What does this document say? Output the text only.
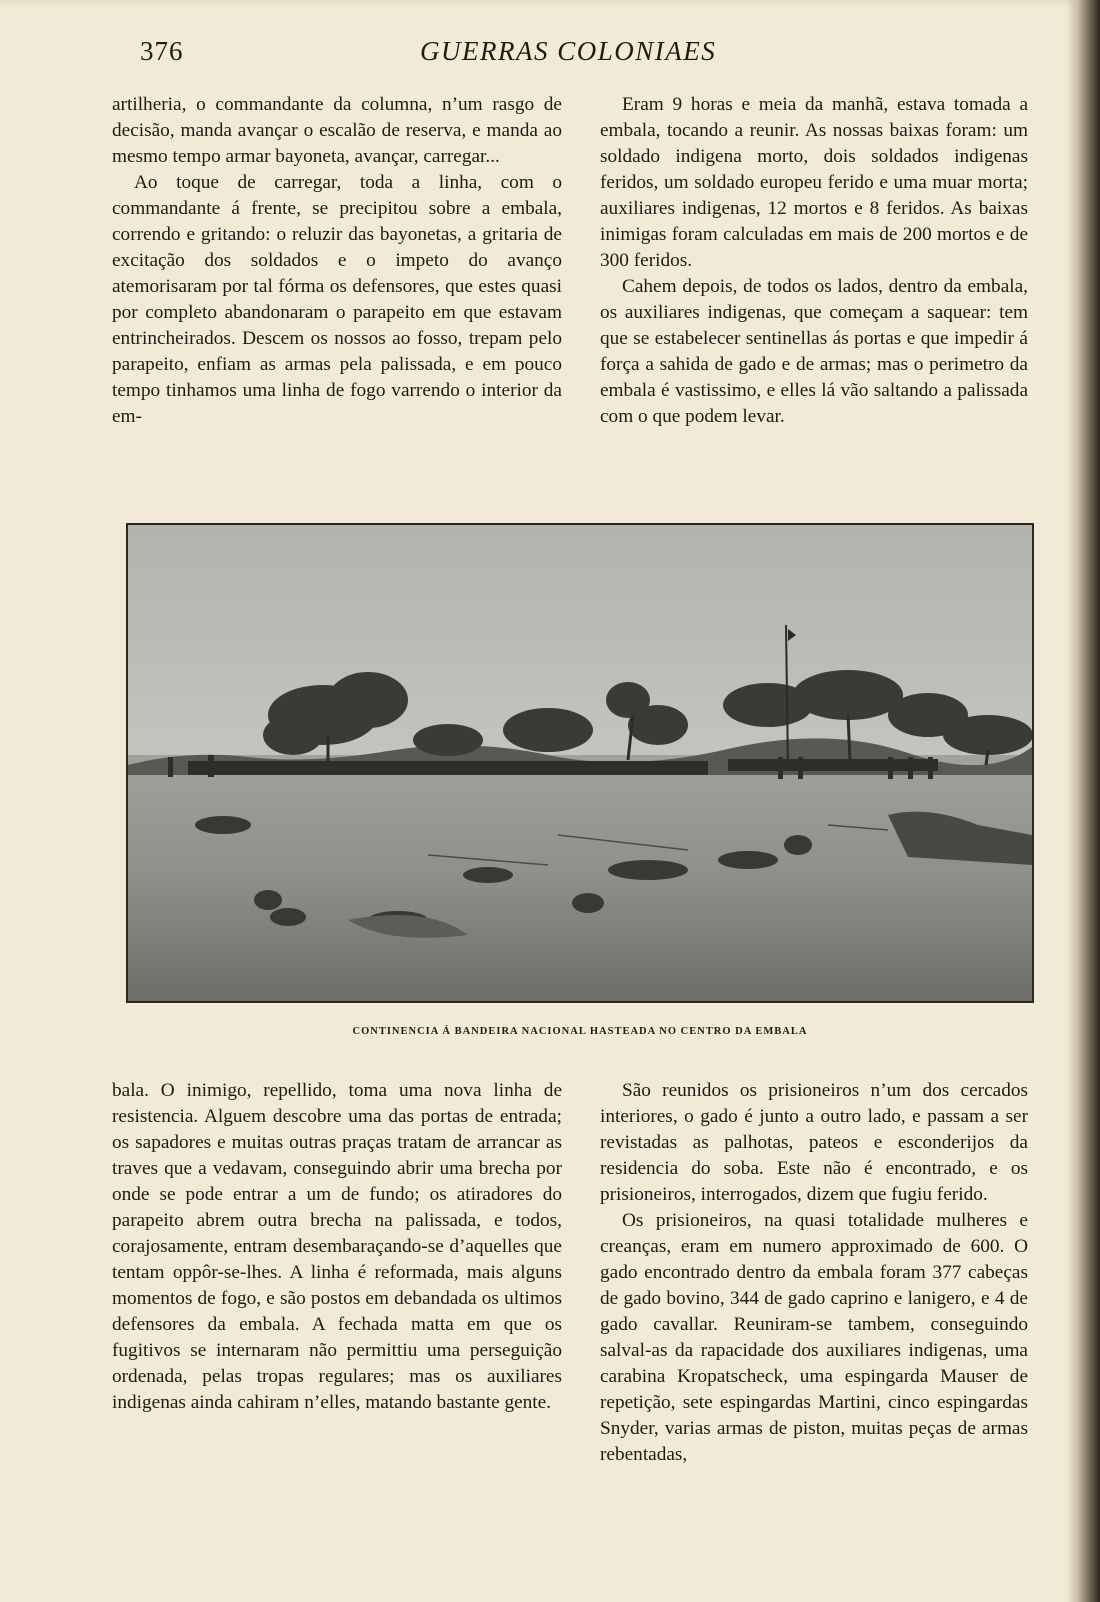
376	GUERRAS COLONIAES

artilheria, o commandante da columna, n’um rasgo de decisão, manda avançar o escalão de reserva, e manda ao mesmo tempo armar bayoneta, avançar, carregar...

Ao toque de carregar, toda a linha, com o commandante á frente, se precipitou sobre a embala, correndo e gritando: o reluzir das bayonetas, a gritaria de excitação dos soldados e o impeto do avanço atemorisaram por tal fórma os defensores, que estes quasi por completo abandonaram o parapeito em que estavam entrincheirados. Descem os nossos ao fosso, trepam pelo parapeito, enfiam as armas pela palissada, e em pouco tempo tinhamos uma linha de fogo varrendo o interior da em-

Eram 9 horas e meia da manhã, estava tomada a embala, tocando a reunir. As nossas baixas foram: um soldado indigena morto, dois soldados indigenas feridos, um soldado europeu ferido e uma muar morta; auxiliares indigenas, 12 mortos e 8 feridos. As baixas inimigas foram calculadas em mais de 200 mortos e de 300 feridos.

Cahem depois, de todos os lados, dentro da embala, os auxiliares indigenas, que começam a saquear: tem que se estabelecer sentinellas ás portas e que impedir á força a sahida de gado e de armas; mas o perimetro da embala é vastissimo, e elles lá vão saltando a palissada com o que podem levar.

CONTINENCIA Á BANDEIRA NACIONAL HASTEADA NO CENTRO DA EMBALA

bala. O inimigo, repellido, toma uma nova linha de resistencia. Alguem descobre uma das portas de entrada; os sapadores e muitas outras praças tratam de arrancar as traves que a vedavam, conseguindo abrir uma brecha por onde se pode entrar a um de fundo; os atiradores do parapeito abrem outra brecha na palissada, e todos, corajosamente, entram desembaraçando-se d’aquelles que tentam oppôr-se-lhes. A linha é reformada, mais alguns momentos de fogo, e são postos em debandada os ultimos defensores da embala. A fechada matta em que os fugitivos se internaram não permittiu uma perseguição ordenada, pelas tropas regulares; mas os auxiliares indigenas ainda cahiram n’elles, matando bastante gente.

São reunidos os prisioneiros n’um dos cercados interiores, o gado é junto a outro lado, e passam a ser revistadas as palhotas, pateos e esconderijos da residencia do soba. Este não é encontrado, e os prisioneiros, interrogados, dizem que fugiu ferido.

Os prisioneiros, na quasi totalidade mulheres e creanças, eram em numero approximado de 600. O gado encontrado dentro da embala foram 377 cabeças de gado bovino, 344 de gado caprino e lanigero, e 4 de gado cavallar. Reuniram-se tambem, conseguindo salval-as da rapacidade dos auxiliares indigenas, uma carabina Kropatscheck, uma espingarda Mauser de repetição, sete espingardas Martini, cinco espingardas Snyder, varias armas de piston, muitas peças de armas rebentadas,
